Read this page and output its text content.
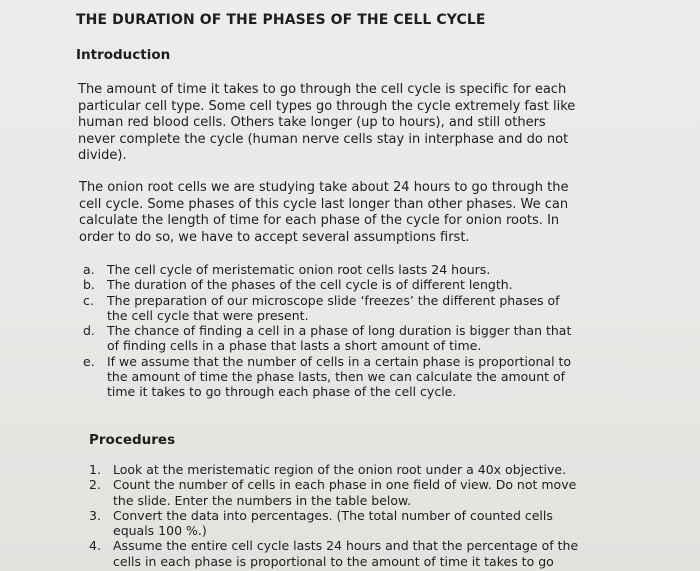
THE DURATION OF THE PHASES OF THE CELL CYCLE
Introduction

The amount of time it takes to go through the cell cycle is specific for each
particular cell type. Some cell types go through the cycle extremely fast like
human red blood cells. Others take longer (up to hours), and still others
never complete the cycle (human nerve cells stay in interphase and do not
divide).

The onion root cells we are studying take about 24 hours to go through the
cell cycle. Some phases of this cycle last longer than other phases. We can
calculate the length of time for each phase of the cycle for onion roots. In
order to do so, we have to accept several assumptions first.

a. The cell cycle of meristematic onion root cells lasts 24 hours.
b. The duration of the phases of the cell cycle is of different length.
c. The preparation of our microscope slide ‘freezes’ the different phases of
the cell cycle that were present.
d. The chance of finding a cell in a phase of long duration is bigger than that
of finding cells in a phase that lasts a short amount of time.
e. If we assume that the number of cells in a certain phase is proportional to
the amount of time the phase lasts, then we can calculate the amount of
time it takes to go through each phase of the cell cycle.
Procedures
1. Look at the meristematic region of the onion root under a 40x objective.
2. Count the number of cells in each phase in one field of view. Do not move
the slide. Enter the numbers in the table below.
3. Convert the data into percentages. (The total number of counted cells
equals 100 %.)
4. Assume the entire cell cycle lasts 24 hours and that the percentage of the
cells in each phase is proportional to the amount of time it takes to go
